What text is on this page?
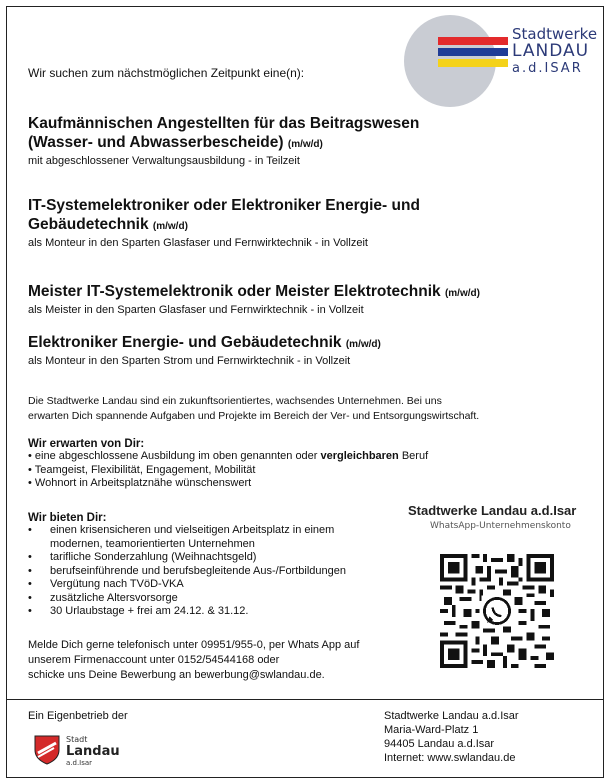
Stadtwerke
LANDAU
a.d.ISAR
Wir suchen zum nächstmöglichen Zeitpunkt eine(n):
Kaufmännischen Angestellten für das Beitragswesen
(Wasser- und Abwasserbescheide) (m/w/d)
mit abgeschlossener Verwaltungsausbildung - in Teilzeit
IT-Systemelektroniker oder Elektroniker Energie- und
Gebäudetechnik (m/w/d)
als Monteur in den Sparten Glasfaser und Fernwirktechnik - in Vollzeit
Meister IT-Systemelektronik oder Meister Elektrotechnik (m/w/d)
als Meister in den Sparten Glasfaser und Fernwirktechnik - in Vollzeit
Elektroniker Energie- und Gebäudetechnik (m/w/d)
als Monteur in den Sparten Strom und Fernwirktechnik - in Vollzeit
Die Stadtwerke Landau sind ein zukunftsorientiertes, wachsendes Unternehmen. Bei uns
erwarten Dich spannende Aufgaben und Projekte im Bereich der Ver- und Entsorgungswirtschaft.
Wir erwarten von Dir:
• eine abgeschlossene Ausbildung im oben genannten oder vergleichbaren Beruf
• Teamgeist, Flexibilität, Engagement, Mobilität
• Wohnort in Arbeitsplatznähe wünschenswert
Wir bieten Dir:
• einen krisensicheren und vielseitigen Arbeitsplatz in einem
modernen, teamorientierten Unternehmen
• tarifliche Sonderzahlung (Weihnachtsgeld)
• berufseinführende und berufsbegleitende Aus-/Fortbildungen
• Vergütung nach TVöD-VKA
• zusätzliche Altersvorsorge
• 30 Urlaubstage + frei am 24.12. & 31.12.
Melde Dich gerne telefonisch unter 09951/955-0, per Whats App auf
unserem Firmenaccount unter 0152/54544168 oder
schicke uns Deine Bewerbung an bewerbung@swlandau.de.
Stadtwerke Landau a.d.Isar
WhatsApp-Unternehmenskonto
Ein Eigenbetrieb der
Stadt
Landau
a.d.Isar
Stadtwerke Landau a.d.Isar
Maria-Ward-Platz 1
94405 Landau a.d.Isar
Internet: www.swlandau.de
